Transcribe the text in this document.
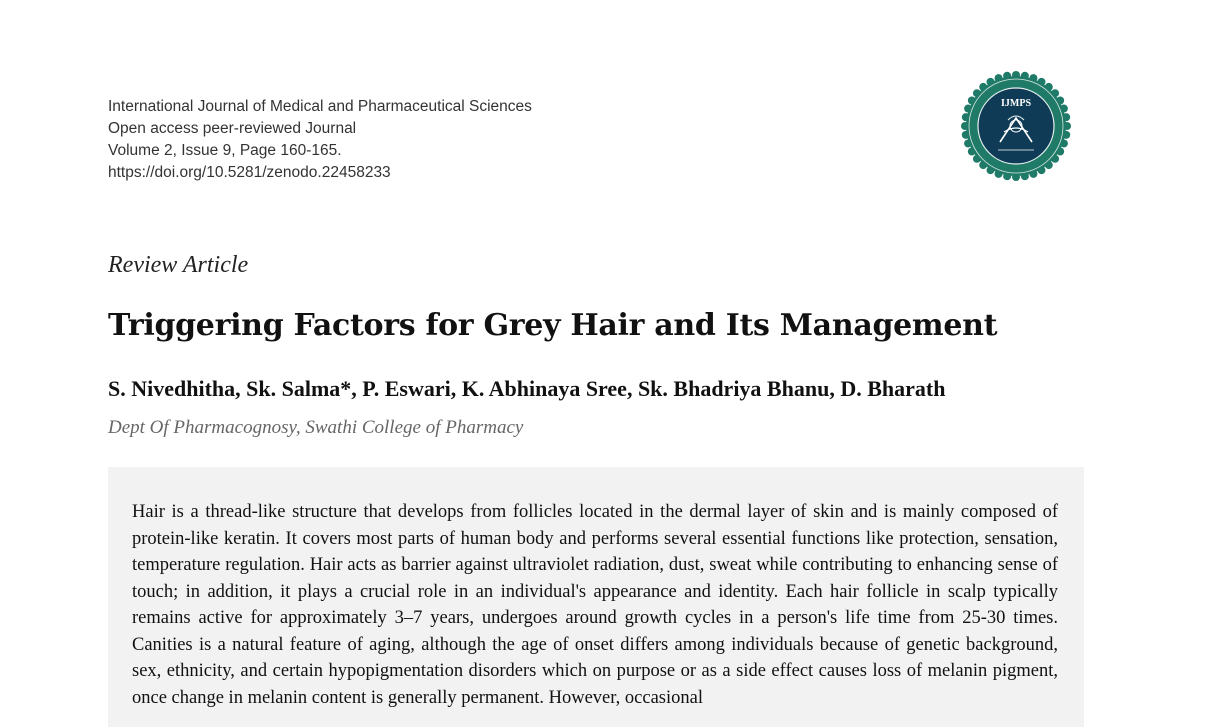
International Journal of Medical and Pharmaceutical Sciences
Open access peer-reviewed Journal
Volume 2, Issue 9, Page 160-165.
https://doi.org/10.5281/zenodo.22458233
IJMPS
Review Article
Triggering Factors for Grey Hair and Its Management
S. Nivedhitha, Sk. Salma*, P. Eswari, K. Abhinaya Sree, Sk. Bhadriya Bhanu, D. Bharath
Dept Of Pharmacognosy, Swathi College of Pharmacy

Hair is a thread-like structure that develops from follicles located in the dermal layer of skin and is mainly composed of protein-like keratin. It covers most parts of human body and performs several essential functions like protection, sensation, temperature regulation. Hair acts as barrier against ultraviolet radiation, dust, sweat while contributing to enhancing sense of touch; in addition, it plays a crucial role in an individual's appearance and identity. Each hair follicle in scalp typically remains active for approximately 3–7 years, undergoes around growth cycles in a person's life time from 25-30 times. Canities is a natural feature of aging, although the age of onset differs among individuals because of genetic background, sex, ethnicity, and certain hypopigmentation disorders which on purpose or as a side effect causes loss of melanin pigment, once change in melanin content is generally permanent. However, occasional
